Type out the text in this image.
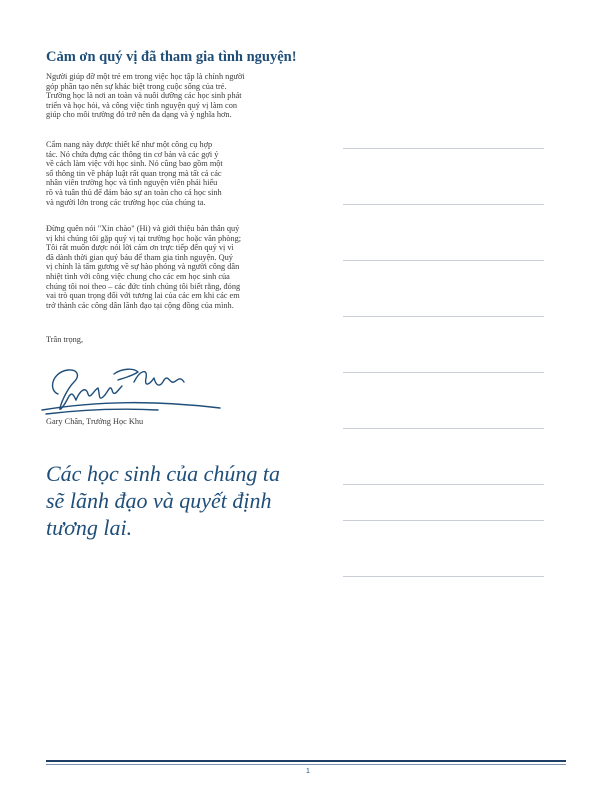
Cảm ơn quý vị đã tham gia tình nguyện!

Người giúp đỡ một trẻ em trong việc học tập là chính người
góp phần tạo nên sự khác biệt trong cuộc sống của trẻ.
Trường học là nơi an toàn và nuôi dưỡng các học sinh phát
triển và học hỏi, và công việc tình nguyện quý vị làm con
giúp cho môi trường đó trở nên đa dạng và ý nghĩa hơn.

Cẩm nang này được thiết kế như một công cụ hợp
tác. Nó chứa đựng các thông tin cơ bản và các gợi ý
về cách làm việc với học sinh. Nó cũng bao gồm một
số thông tin về pháp luật rất quan trọng mà tất cả các
nhân viên trường học và tình nguyện viên phải hiểu
rõ và tuân thủ để đảm bảo sự an toàn cho cả học sinh
và người lớn trong các trường học của chúng ta.

Đừng quên nói "Xin chào" (Hi) và giới thiệu bản thân quý
vị khi chúng tôi gặp quý vị tại trường học hoặc văn phòng;
Tôi rất muốn được nói lời cảm ơn trực tiếp đến quý vị vì
đã dành thời gian quý báu để tham gia tình nguyện. Quý
vị chính là tấm gương về sự hào phóng và người công dân
nhiệt tình với công việc chung cho các em học sinh của
chúng tôi noi theo – các đức tính chúng tôi biết rằng, đóng
vai trò quan trọng đối với tương lai của các em khi các em
trở thành các công dân lãnh đạo tại cộng đồng của mình.

Trân trọng,
Gary Chân, Trưởng Học Khu
Các học sinh của chúng ta sẽ lãnh đạo và quyết định tương lai.
1
